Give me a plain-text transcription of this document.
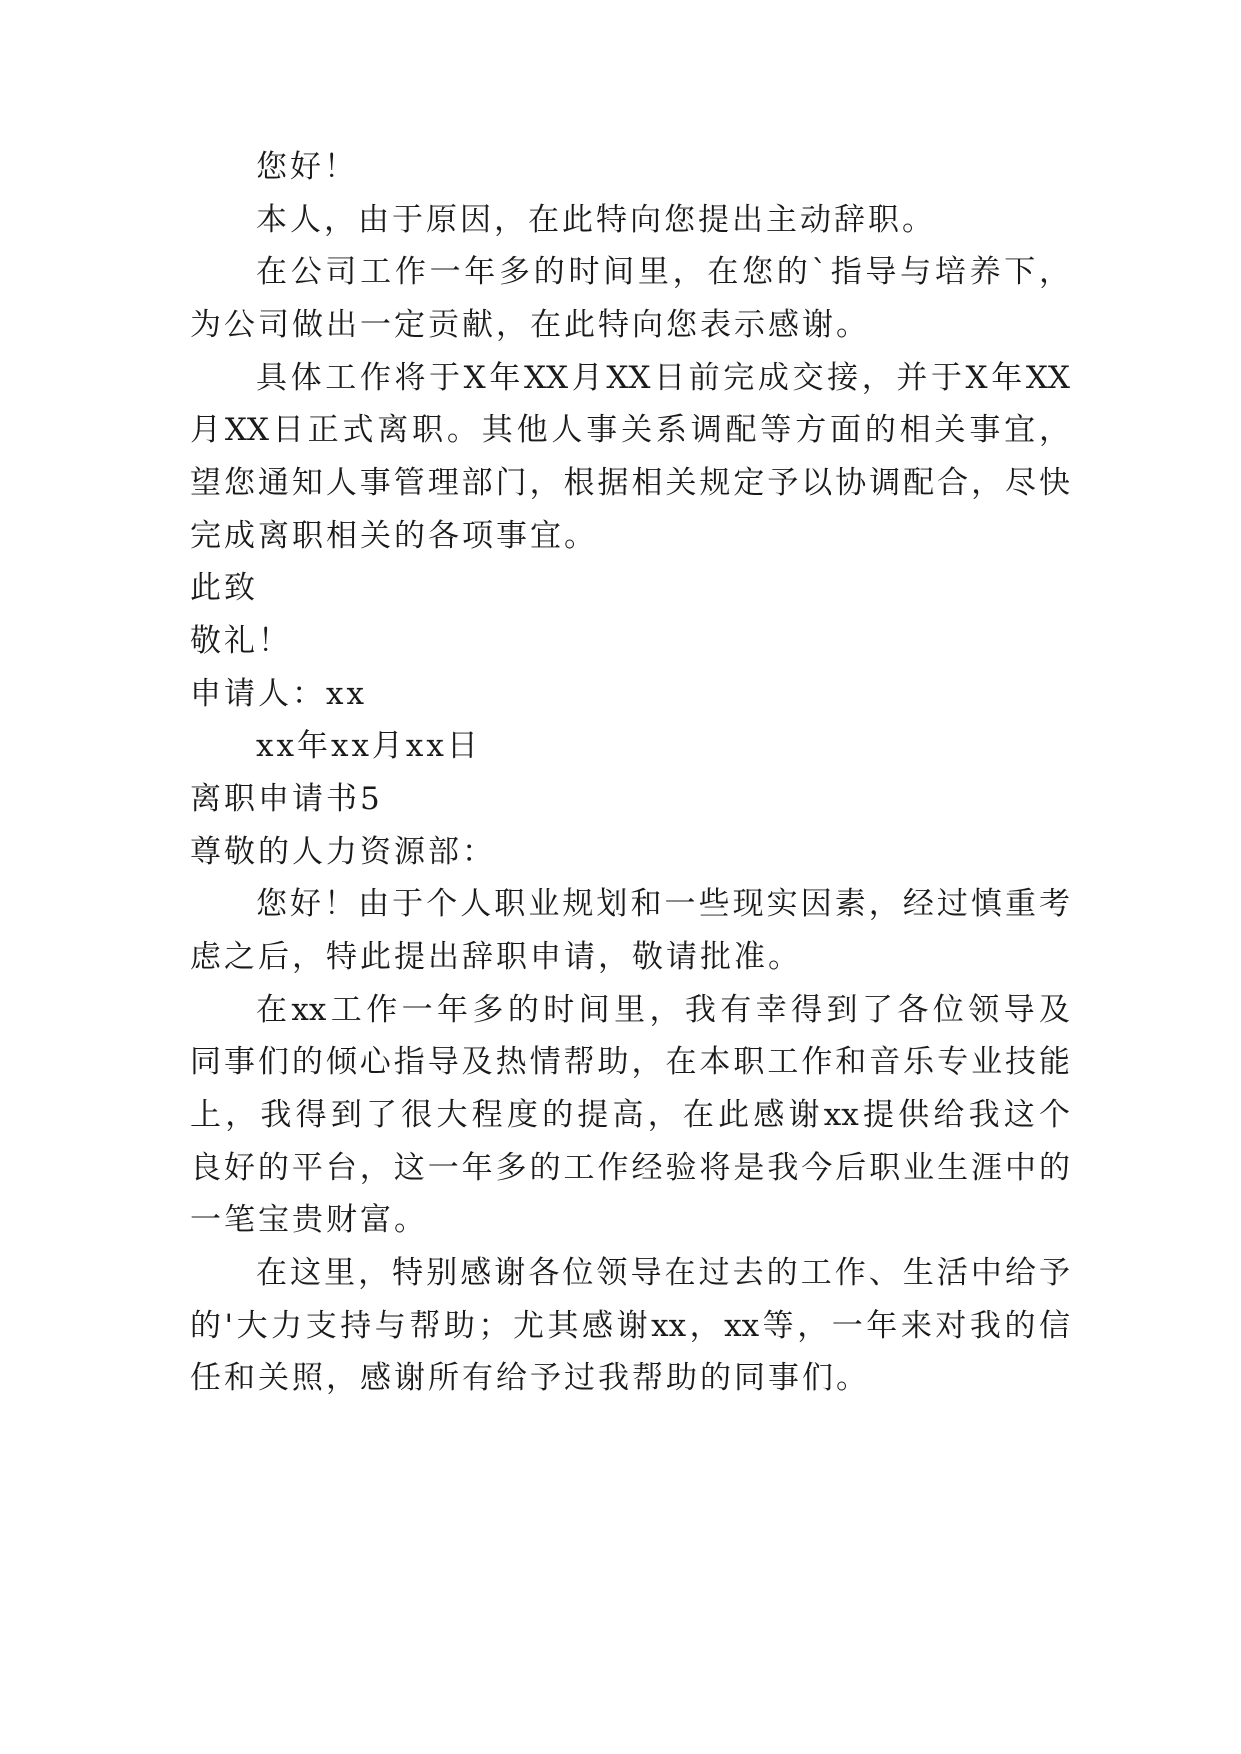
您好！
本人，由于原因，在此特向您提出主动辞职。
在公司工作一年多的时间里，在您的`指导与培养下，
为公司做出一定贡献，在此特向您表示感谢。
具体工作将于X年XX月XX日前完成交接，并于X年XX
月XX日正式离职。其他人事关系调配等方面的相关事宜，
望您通知人事管理部门，根据相关规定予以协调配合，尽快
完成离职相关的各项事宜。
此致
敬礼！
申请人：xx
xx年xx月xx日
离职申请书5
尊敬的人力资源部：
您好！由于个人职业规划和一些现实因素，经过慎重考
虑之后，特此提出辞职申请，敬请批准。
在xx工作一年多的时间里，我有幸得到了各位领导及
同事们的倾心指导及热情帮助，在本职工作和音乐专业技能
上，我得到了很大程度的提高，在此感谢xx提供给我这个
良好的平台，这一年多的工作经验将是我今后职业生涯中的
一笔宝贵财富。
在这里，特别感谢各位领导在过去的工作、生活中给予
的'大力支持与帮助；尤其感谢xx，xx等，一年来对我的信
任和关照，感谢所有给予过我帮助的同事们。
